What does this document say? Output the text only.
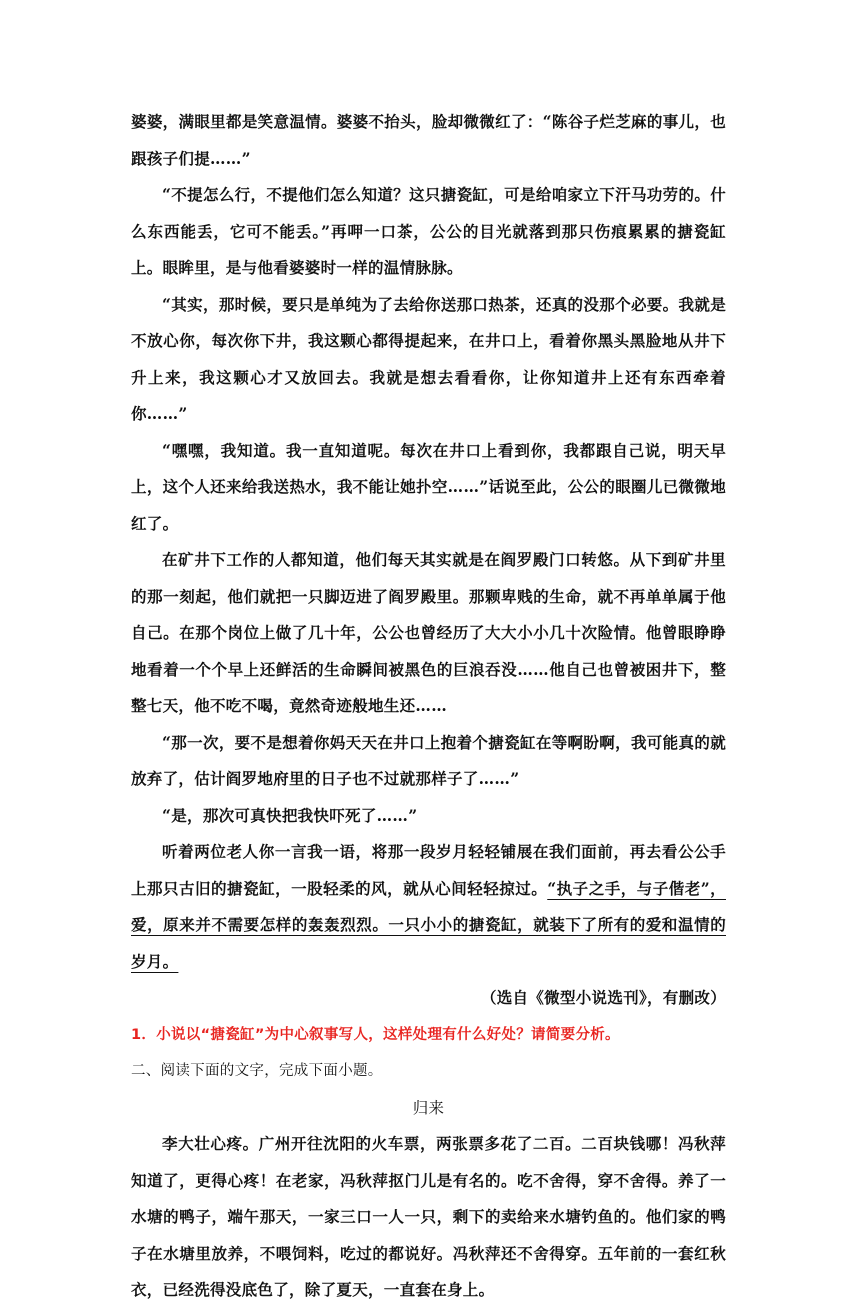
婆婆，满眼里都是笑意温情。婆婆不抬头，脸却微微红了：“陈谷子烂芝麻的事儿，也跟孩子们提……”

“不提怎么行，不提他们怎么知道？这只搪瓷缸，可是给咱家立下汗马功劳的。什么东西能丢，它可不能丢。”再呷一口茶，公公的目光就落到那只伤痕累累的搪瓷缸上。眼眸里，是与他看婆婆时一样的温情脉脉。

“其实，那时候，要只是单纯为了去给你送那口热茶，还真的没那个必要。我就是不放心你，每次你下井，我这颗心都得提起来，在井口上，看着你黑头黑脸地从井下升上来，我这颗心才又放回去。我就是想去看看你，让你知道井上还有东西牵着你……”

“嘿嘿，我知道。我一直知道呢。每次在井口上看到你，我都跟自己说，明天早上，这个人还来给我送热水，我不能让她扑空……”话说至此，公公的眼圈儿已微微地红了。

在矿井下工作的人都知道，他们每天其实就是在阎罗殿门口转悠。从下到矿井里的那一刻起，他们就把一只脚迈进了阎罗殿里。那颗卑贱的生命，就不再单单属于他自己。在那个岗位上做了几十年，公公也曾经历了大大小小几十次险情。他曾眼睁睁地看着一个个早上还鲜活的生命瞬间被黑色的巨浪吞没……他自己也曾被困井下，整整七天，他不吃不喝，竟然奇迹般地生还……

“那一次，要不是想着你妈天天在井口上抱着个搪瓷缸在等啊盼啊，我可能真的就放弃了，估计阎罗地府里的日子也不过就那样子了……”

“是，那次可真快把我快吓死了……”

听着两位老人你一言我一语，将那一段岁月轻轻铺展在我们面前，再去看公公手上那只古旧的搪瓷缸，一股轻柔的风，就从心间轻轻掠过。“执子之手，与子偕老”，爱，原来并不需要怎样的轰轰烈烈。一只小小的搪瓷缸，就装下了所有的爱和温情的岁月。

（选自《微型小说选刊》，有删改）

1．小说以“搪瓷缸”为中心叙事写人，这样处理有什么好处？请简要分析。

二、阅读下面的文字，完成下面小题。

归来

李大壮心疼。广州开往沈阳的火车票，两张票多花了二百。二百块钱哪！冯秋萍知道了，更得心疼！在老家，冯秋萍抠门儿是有名的。吃不舍得，穿不舍得。养了一水塘的鸭子，端午那天，一家三口一人一只，剩下的卖给来水塘钓鱼的。他们家的鸭子在水塘里放养，不喂饲料，吃过的都说好。冯秋萍还不舍得穿。五年前的一套红秋衣，已经洗得没底色了，除了夏天，一直套在身上。
